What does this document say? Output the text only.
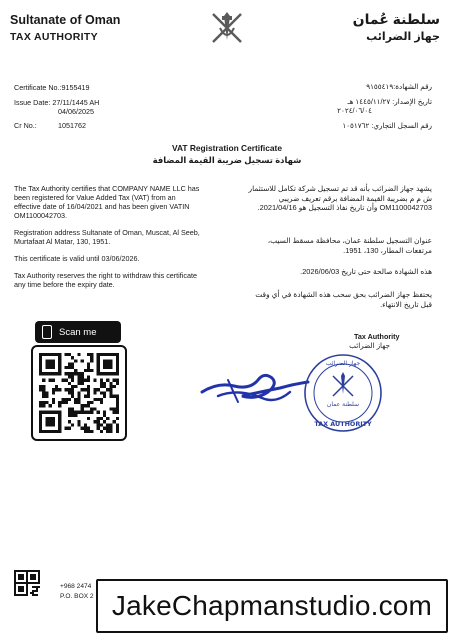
Sultanate of Oman
TAX AUTHORITY
سلطنة عُمان
جهاز الضرائب
Certificate No.:9155419
Issue Date: 27/11/1445 AH
04/06/2025
Cr No.:	1051762
رقم الشهادة:٩١٥٥٤١٩
تاريخ الإصدار: ١٤٤٥/١١/٢٧ هـ
٢٠٢٤/٠٦/٠٤
رقم السجل التجاري: ١٠٥١٧٦٢
VAT Registration Certificate
شهادة تسجيل ضريبة القيمة المضافة
The Tax Authority certifies that COMPANY NAME LLC has been registered for Value Added Tax (VAT) from an effective date of 16/04/2021 and has been given VATIN OM1100042703.
Registration address Sultanate of Oman, Muscat, Al Seeb, Murtafaat Al Matar, 130, 1951.
This certificate is valid until 03/06/2026.
Tax Authority reserves the right to withdraw this certificate any time before the expiry date.
يشهد جهاز الضرائب بأنه قد تم تسجيل شركة تكامل للاستثمار ش م م بضريبة القيمة المضافة برقم تعريف ضريبي OM1100042703 وأن تاريخ نفاذ التسجيل هو 2021/04/16.
عنوان التسجيل سلطنة عمان، محافظة مسقط السيب، مرتفعات المطار، 130، 1951.
هذه الشهادة صالحة حتى تاريخ 2026/06/03.
يحتفظ جهاز الضرائب بحق سحب هذه الشهادة في أي وقت قبل تاريخ الانتهاء.
Scan me	Tax Authority
جهاز الضرائب
جهاز الضرائب
سلطنة عمان
TAX AUTHORITY
+968 2474
P.O. BOX 2 JakeChapmanstudio.com
